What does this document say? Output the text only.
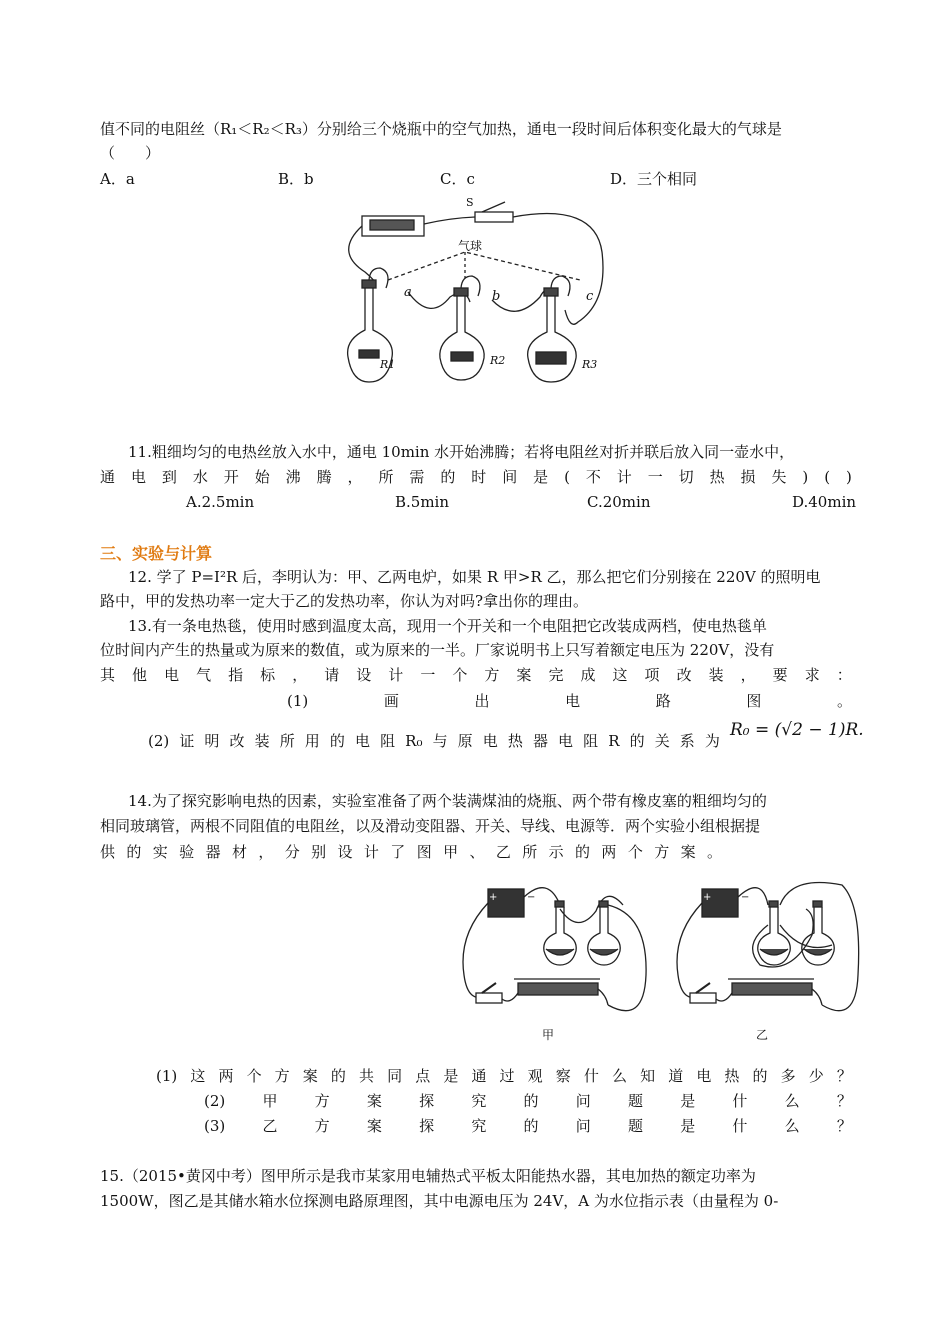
值不同的电阻丝（R₁＜R₂＜R₃）分别给三个烧瓶中的空气加热，通电一段时间后体积变化最大的气球是
（　　）
A．a	B．b	C．c	D．三个相同
S
气球
R1
a
R2
b
R3
c
11.粗细均匀的电热丝放入水中，通电 10min 水开始沸腾；若将电阻丝对折并联后放入同一壶水中，
通 电 到 水 开 始 沸 腾 ， 所 需 的 时 间 是 ( 不 计 一 切 热 损 失 ) ( )
A.2.5min	B.5min	C.20min	D.40min
三、实验与计算
12. 学了 P=I²R 后，李明认为：甲、乙两电炉，如果 R 甲>R 乙，那么把它们分别接在 220V 的照明电
路中，甲的发热功率一定大于乙的发热功率，你认为对吗?拿出你的理由。
13.有一条电热毯，使用时感到温度太高，现用一个开关和一个电阻把它改装成两档，使电热毯单
位时间内产生的热量或为原来的数值，或为原来的一半。厂家说明书上只写着额定电压为 220V，没有
其 他 电 气 指 标 ， 请 设 计 一 个 方 案 完 成 这 项 改 装 ， 要 求 ：
(1)	画	出	电	路	图	。
(2) 证 明 改 装 所 用 的 电 阻 R₀ 与 原 电 热 器 电 阻 R 的 关 系 为
R₀ = (√2 − 1)R.
14.为了探究影响电热的因素，实验室准备了两个装满煤油的烧瓶、两个带有橡皮塞的粗细均匀的
相同玻璃管，两根不同阻值的电阻丝，以及滑动变阻器、开关、导线、电源等．两个实验小组根据提
供 的 实 验 器 材 ， 分 别 设 计 了 图 甲 、 乙 所 示 的 两 个 方 案 。
+	−
甲
+	−
乙
(1) 这 两 个 方 案 的 共 同 点 是 通 过 观 察 什 么 知 道 电 热 的 多 少 ？
(2) 甲 方 案 探 究 的 问 题 是 什 么 ？
(3) 乙 方 案 探 究 的 问 题 是 什 么 ？
15.（2015•黄冈中考）图甲所示是我市某家用电辅热式平板太阳能热水器，其电加热的额定功率为
1500W，图乙是其储水箱水位探测电路原理图，其中电源电压为 24V，A 为水位指示表（由量程为 0-
